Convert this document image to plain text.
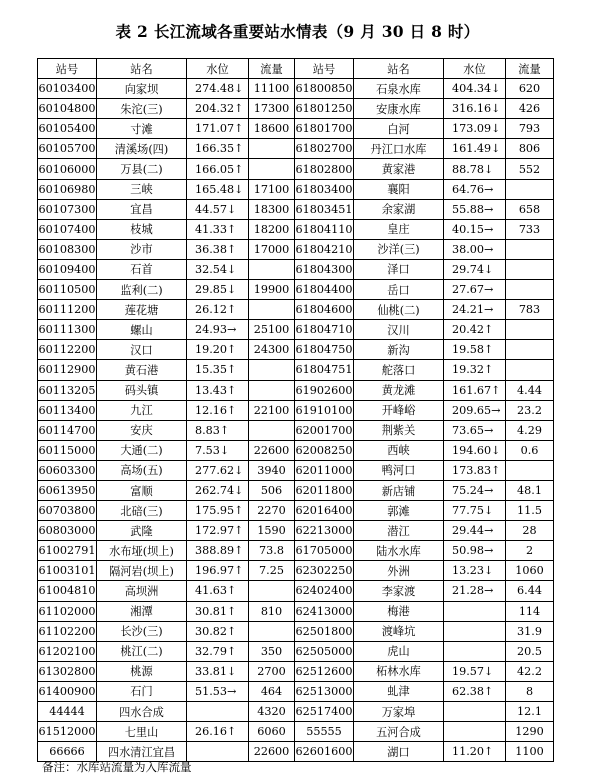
表 2 长江流域各重要站水情表（9 月 30 日 8 时）
站号	站名	水位	流量	站号	站名	水位	流量
60103400	向家坝	274.48↓	11100	61800850	石泉水库	404.34↓	620
60104800	朱沱(三)	204.32↑	17300	61801250	安康水库	316.16↓	426
60105400	寸滩	171.07↑	18600	61801700	白河	173.09↓	793
60105700	清溪场(四)	166.35↑		61802700	丹江口水库	161.49↓	806
60106000	万县(二)	166.05↑		61802800	黄家港	88.78↓	552
60106980	三峡	165.48↓	17100	61803400	襄阳	64.76→	
60107300	宜昌	44.57↓	18300	61803451	余家湖	55.88→	658
60107400	枝城	41.33↑	18200	61804110	皇庄	40.15→	733
60108300	沙市	36.38↑	17000	61804210	沙洋(三)	38.00→	
60109400	石首	32.54↓		61804300	泽口	29.74↓	
60110500	监利(二)	29.85↓	19900	61804400	岳口	27.67→	
60111200	莲花塘	26.12↑		61804600	仙桃(二)	24.21→	783
60111300	螺山	24.93→	25100	61804710	汉川	20.42↑	
60112200	汉口	19.20↑	24300	61804750	新沟	19.58↑	
60112900	黄石港	15.35↑		61804751	舵落口	19.32↑	
60113205	码头镇	13.43↑		61902600	黄龙滩	161.67↑	4.44
60113400	九江	12.16↑	22100	61910100	开峰峪	209.65→	23.2
60114700	安庆	8.83↑		62001700	荆紫关	73.65→	4.29
60115000	大通(二)	7.53↓	22600	62008250	西峡	194.60↓	0.6
60603300	高场(五)	277.62↓	3940	62011000	鸭河口	173.83↑	
60613950	富顺	262.74↓	506	62011800	新店铺	75.24→	48.1
60703800	北碚(三)	175.95↑	2270	62016400	郭滩	77.75↓	11.5
60803000	武隆	172.97↑	1590	62213000	潜江	29.44→	28
61002791	水布垭(坝上)	388.89↑	73.8	61705000	陆水水库	50.98→	2
61003101	隔河岩(坝上)	196.97↑	7.25	62302250	外洲	13.23↓	1060
61004810	高坝洲	41.63↑		62402400	李家渡	21.28→	6.44
61102000	湘潭	30.81↑	810	62413000	梅港		114
61102200	长沙(三)	30.82↑		62501800	渡峰坑		31.9
61202100	桃江(二)	32.79↑	350	62505000	虎山		20.5
61302800	桃源	33.81↓	2700	62512600	柘林水库	19.57↓	42.2
61400900	石门	51.53→	464	62513000	虬津	62.38↑	8
44444	四水合成		4320	62517400	万家埠		12.1
61512000	七里山	26.16↑	6060	55555	五河合成		1290
66666	四水清江宜昌		22600	62601600	湖口	11.20↑	1100
备注：水库站流量为入库流量
